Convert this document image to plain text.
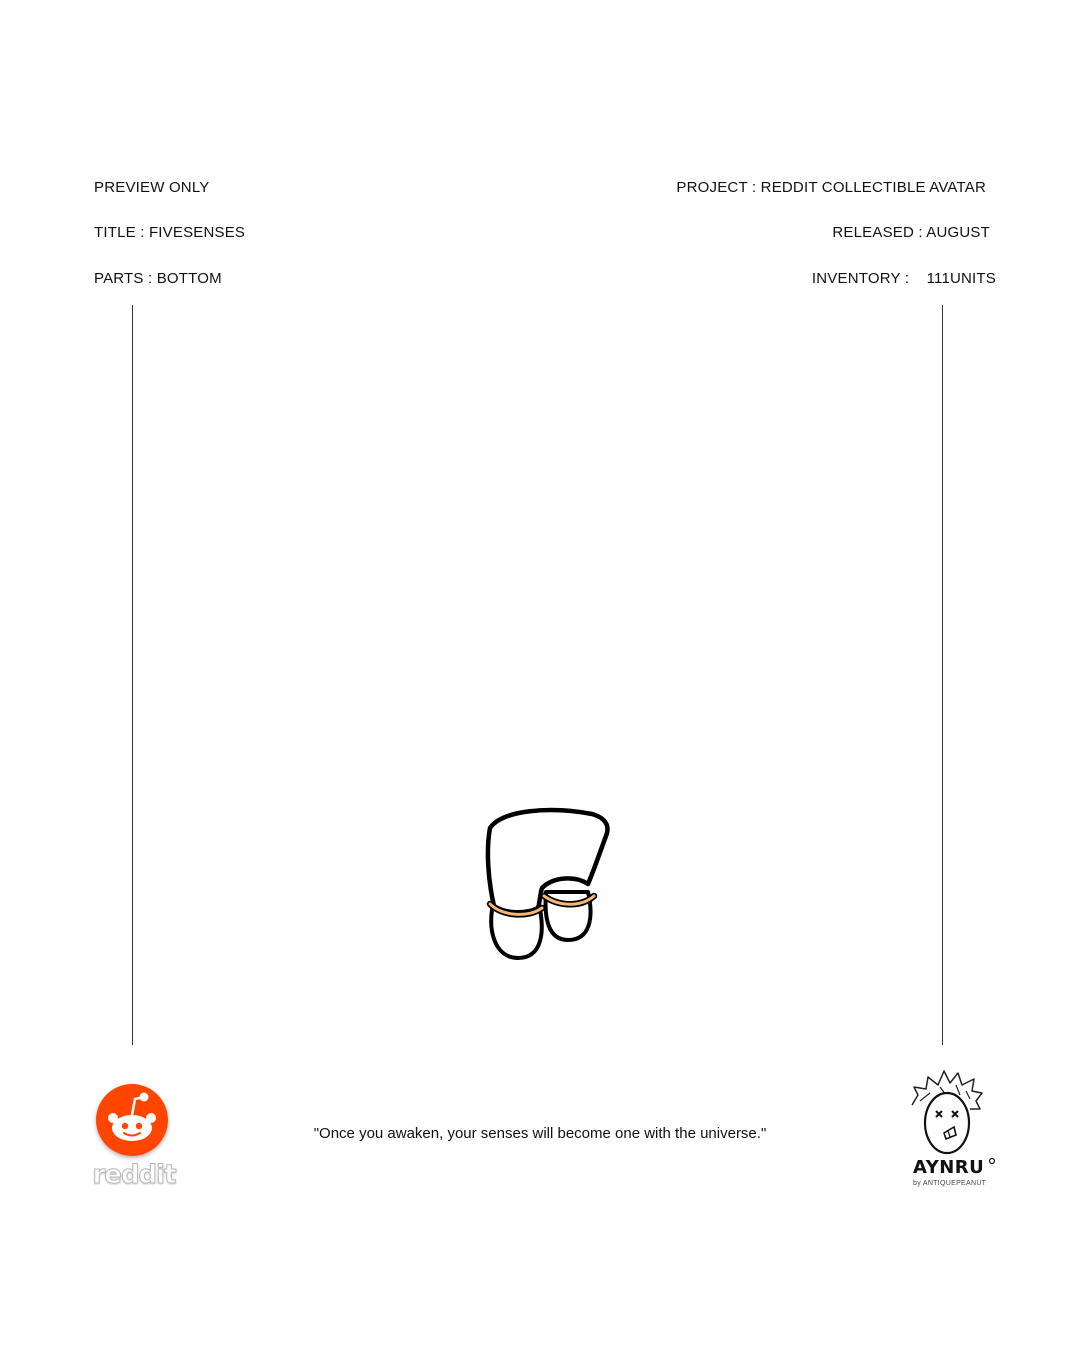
PREVIEW ONLY
TITLE : FIVESENSES
PARTS : BOTTOM
PROJECT : REDDIT COLLECTIBLE AVATAR
RELEASED : AUGUST
INVENTORY :    111UNITS
"Once you awaken, your senses will become one with the universe."
reddit	AYNRU
by ANTIQUEPEANUT
